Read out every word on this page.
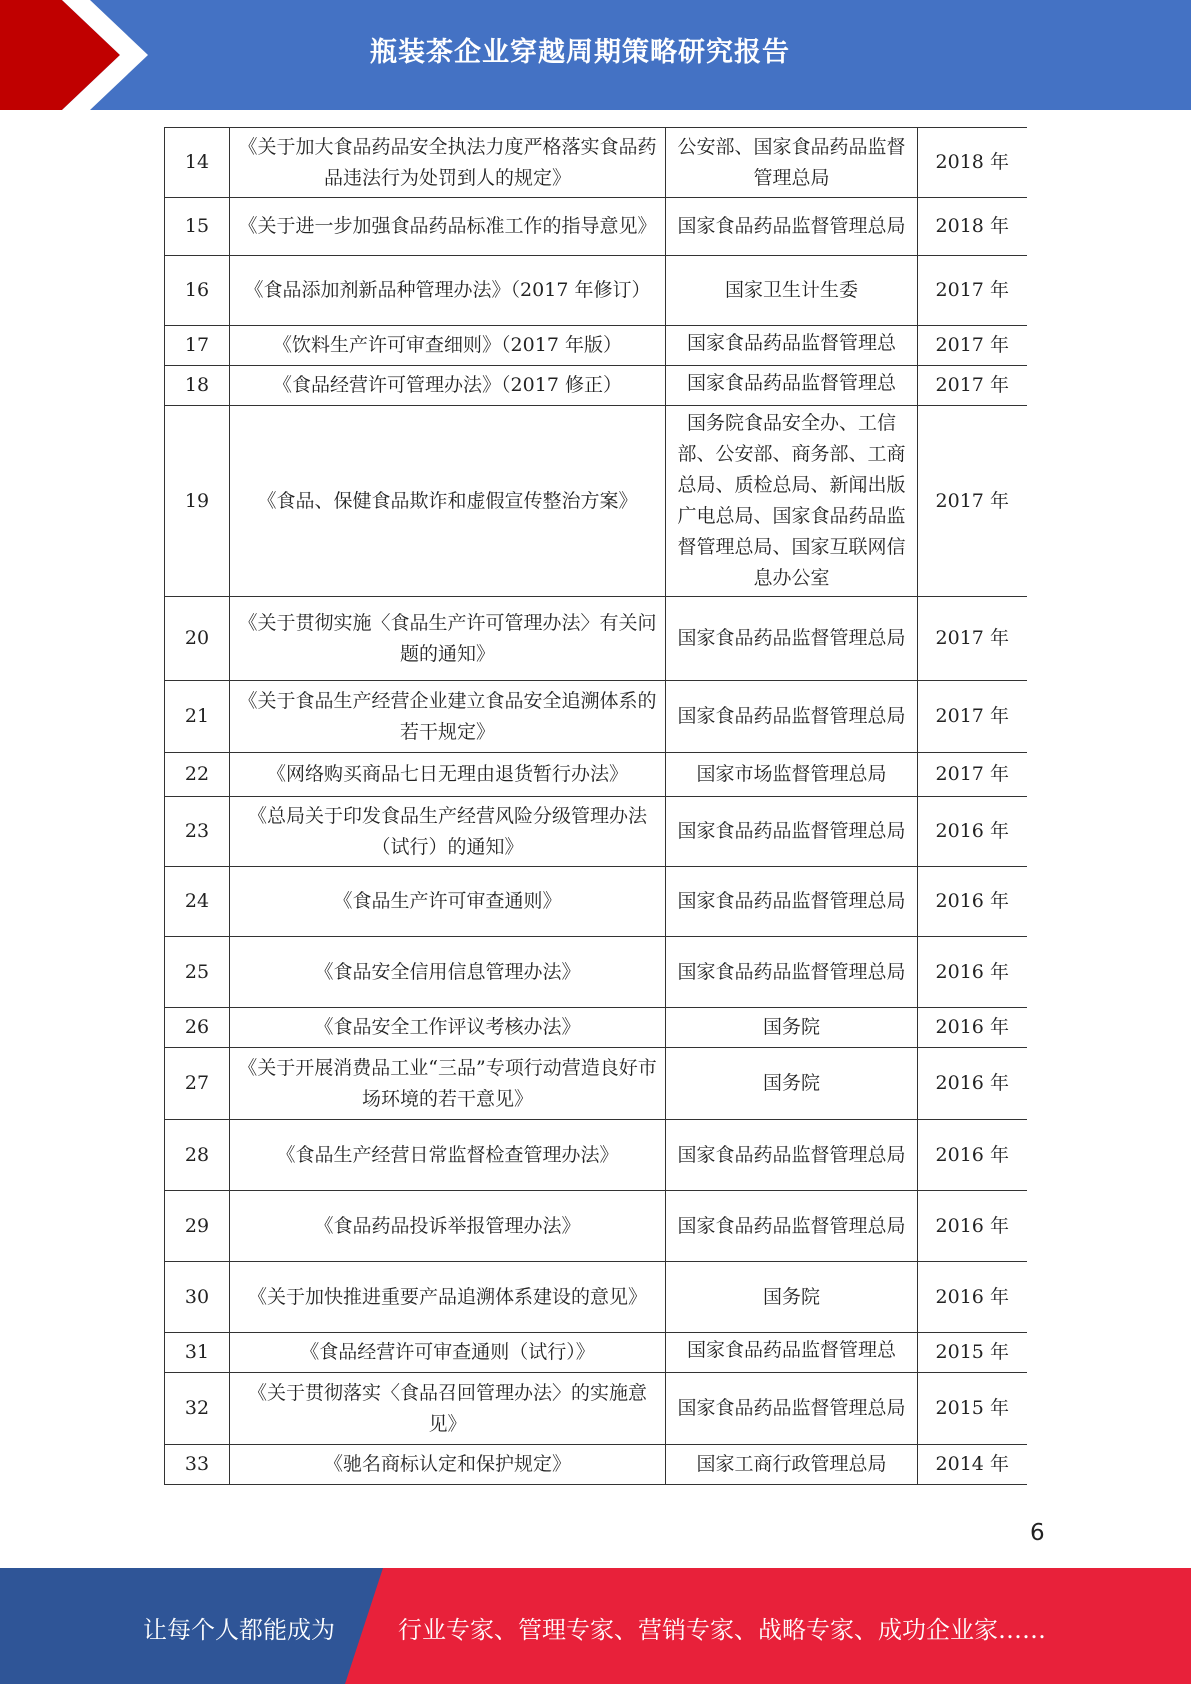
瓶装茶企业穿越周期策略研究报告
14	《关于加大食品药品安全执法力度严格落实食品药品违法行为处罚到人的规定》	公安部、国家食品药品监督管理总局	2018 年
15	《关于进一步加强食品药品标准工作的指导意见》	国家食品药品监督管理总局	2018 年
16	《食品添加剂新品种管理办法》（2017 年修订）	国家卫生计生委	2017 年
17	《饮料生产许可审查细则》（2017 年版）	国家食品药品监督管理总	2017 年
18	《食品经营许可管理办法》（2017 修正）	国家食品药品监督管理总	2017 年
19	《食品、保健食品欺诈和虚假宣传整治方案》	国务院食品安全办、工信部、公安部、商务部、工商总局、质检总局、新闻出版广电总局、国家食品药品监督管理总局、国家互联网信息办公室	2017 年
20	《关于贯彻实施〈食品生产许可管理办法〉有关问题的通知》	国家食品药品监督管理总局	2017 年
21	《关于食品生产经营企业建立食品安全追溯体系的若干规定》	国家食品药品监督管理总局	2017 年
22	《网络购买商品七日无理由退货暂行办法》	国家市场监督管理总局	2017 年
23	《总局关于印发食品生产经营风险分级管理办法（试行）的通知》	国家食品药品监督管理总局	2016 年
24	《食品生产许可审查通则》	国家食品药品监督管理总局	2016 年
25	《食品安全信用信息管理办法》	国家食品药品监督管理总局	2016 年
26	《食品安全工作评议考核办法》	国务院	2016 年
27	《关于开展消费品工业“三品”专项行动营造良好市场环境的若干意见》	国务院	2016 年
28	《食品生产经营日常监督检查管理办法》	国家食品药品监督管理总局	2016 年
29	《食品药品投诉举报管理办法》	国家食品药品监督管理总局	2016 年
30	《关于加快推进重要产品追溯体系建设的意见》	国务院	2016 年
31	《食品经营许可审查通则（试行）》	国家食品药品监督管理总	2015 年
32	《关于贯彻落实〈食品召回管理办法〉的实施意见》	国家食品药品监督管理总局	2015 年
33	《驰名商标认定和保护规定》	国家工商行政管理总局	2014 年
6
让每个人都能成为	行业专家、管理专家、营销专家、战略专家、成功企业家……
